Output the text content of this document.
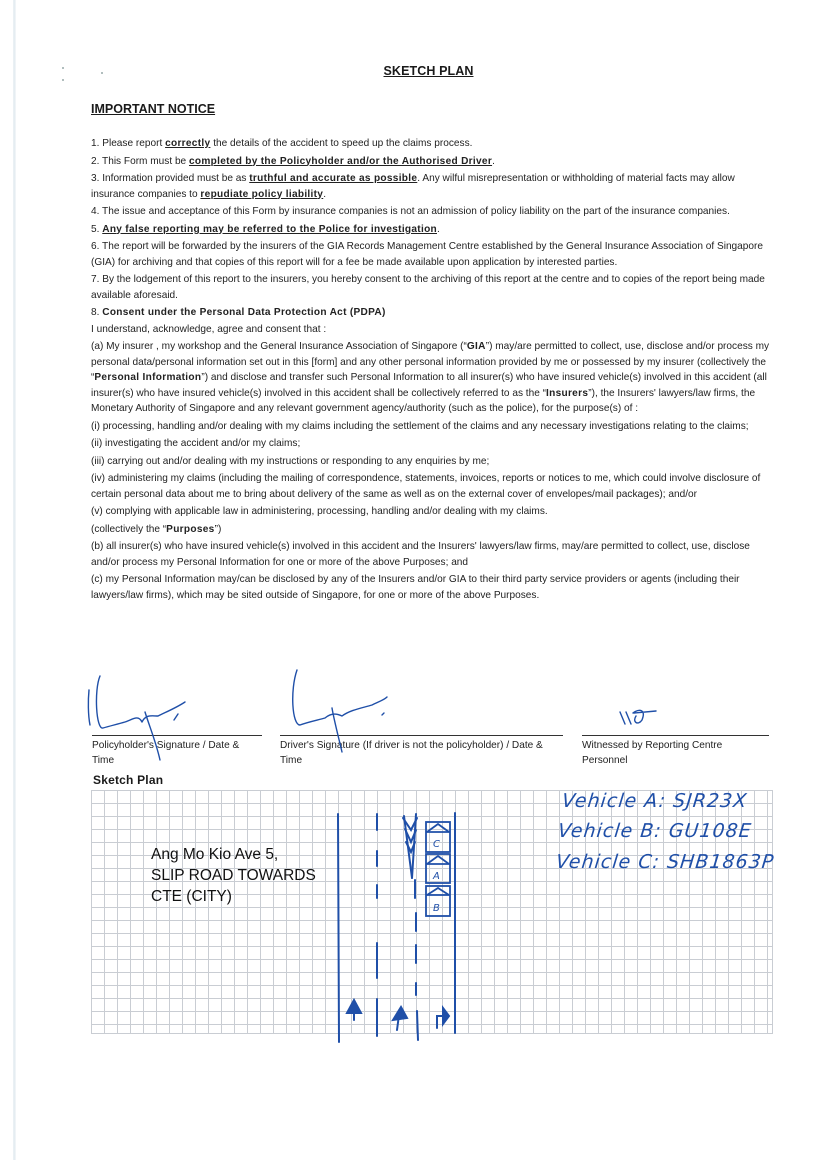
SKETCH PLAN
IMPORTANT NOTICE

1. Please report correctly the details of the accident to speed up the claims process.

2. This Form must be completed by the Policyholder and/or the Authorised Driver.

3. Information provided must be as truthful and accurate as possible. Any wilful misrepresentation or withholding of material facts may allow insurance companies to repudiate policy liability.

4. The issue and acceptance of this Form by insurance companies is not an admission of policy liability on the part of the insurance companies.

5. Any false reporting may be referred to the Police for investigation.

6. The report will be forwarded by the insurers of the GIA Records Management Centre established by the General Insurance Association of Singapore (GIA) for archiving and that copies of this report will for a fee be made available upon application by interested parties.

7. By the lodgement of this report to the insurers, you hereby consent to the archiving of this report at the centre and to copies of the report being made available aforesaid.

8. Consent under the Personal Data Protection Act (PDPA)

I understand, acknowledge, agree and consent that :

(a) My insurer , my workshop and the General Insurance Association of Singapore (“GIA”) may/are permitted to collect, use, disclose and/or process my personal data/personal information set out in this [form] and any other personal information provided by me or possessed by my insurer (collectively the “Personal Information”) and disclose and transfer such Personal Information to all insurer(s) who have insured vehicle(s) involved in this accident (all insurer(s) who have insured vehicle(s) involved in this accident shall be collectively referred to as the “Insurers”), the Insurers' lawyers/law firms, the Monetary Authority of Singapore and any relevant government agency/authority (such as the police), for the purpose(s) of :

(i) processing, handling and/or dealing with my claims including the settlement of the claims and any necessary investigations relating to the claims;

(ii) investigating the accident and/or my claims;

(iii) carrying out and/or dealing with my instructions or responding to any enquiries by me;

(iv) administering my claims (including the mailing of correspondence, statements, invoices, reports or notices to me, which could involve disclosure of certain personal data about me to bring about delivery of the same as well as on the external cover of envelopes/mail packages); and/or

(v) complying with applicable law in administering, processing, handling and/or dealing with my claims.

(collectively the “Purposes”)

(b) all insurer(s) who have insured vehicle(s) involved in this accident and the Insurers' lawyers/law firms, may/are permitted to collect, use, disclose and/or process my Personal Information for one or more of the above Purposes; and

(c) my Personal Information may/can be disclosed by any of the Insurers and/or GIA to their third party service providers or agents (including their lawyers/law firms), which may be sited outside of Singapore, for one or more of the above Purposes.

Policyholder's Signature / Date & Time
Driver's Signature (If driver is not the policyholder) / Date & Time
Witnessed by Reporting Centre Personnel
Sketch Plan
Ang Mo Kio Ave 5,
SLIP ROAD TOWARDS
CTE (CITY)
Vehicle A: SJR23X
Vehicle B: GU108E
Vehicle C: SHB1863P
C
A
B
